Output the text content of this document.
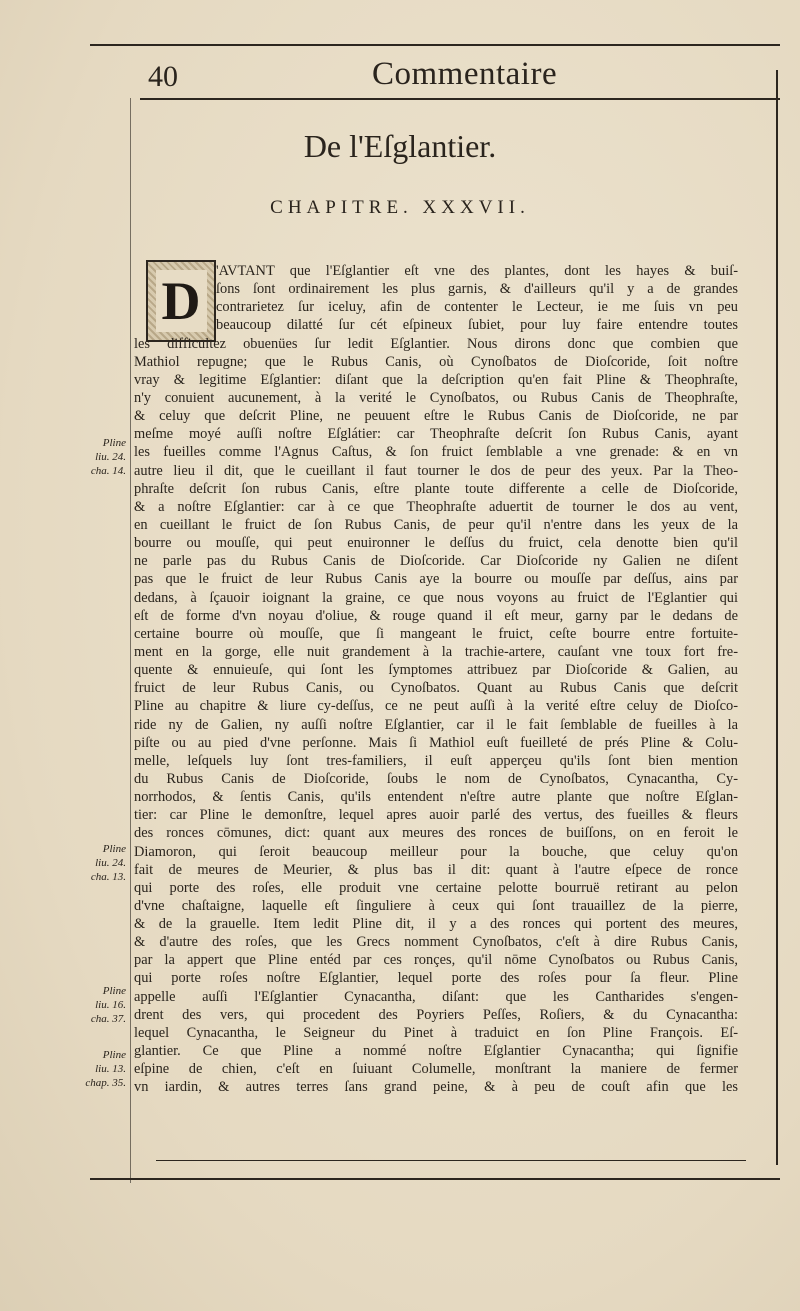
40	Commentaire
De l'Eſglantier.
CHAPITRE. XXXVII.
D
Pline
liu. 24.
cha. 14.
Pline
liu. 24.
cha. 13.
Pline
liu. 16.
cha. 37.
Pline
liu. 13.
chap. 35.
'AVTANT que l'Eſglantier eſt vne des plantes, dont les hayes & buiſ-
ſons ſont ordinairement les plus garnis, & d'ailleurs qu'il y a de grandes
contrarietez ſur iceluy, afin de contenter le Lecteur, ie me ſuis vn peu
beaucoup dilatté ſur cét eſpineux ſubiet, pour luy faire entendre toutes
les difficultez obuenües ſur ledit Eſglantier. Nous dirons donc que combien que
Mathiol repugne; que le Rubus Canis, où Cynoſbatos de Dioſcoride, ſoit noſtre
vray & legitime Eſglantier: diſant que la deſcription qu'en fait Pline & Theophraſte,
n'y conuient aucunement, à la verité le Cynoſbatos, ou Rubus Canis de Theophraſte,
& celuy que deſcrit Pline, ne peuuent eſtre le Rubus Canis de Dioſcoride, ne par
meſme moyé auſſi noſtre Eſglátier: car Theophraſte deſcrit ſon Rubus Canis, ayant
les fueilles comme l'Agnus Caſtus, & ſon fruict ſemblable a vne grenade: & en vn
autre lieu il dit, que le cueillant il faut tourner le dos de peur des yeux. Par la Theo-
phraſte deſcrit ſon rubus Canis, eſtre plante toute differente a celle de Dioſcoride,
& a noſtre Eſglantier: car à ce que Theophraſte aduertit de tourner le dos au vent,
en cueillant le fruict de ſon Rubus Canis, de peur qu'il n'entre dans les yeux de la
bourre ou mouſſe, qui peut enuironner le deſſus du fruict, cela denotte bien qu'il
ne parle pas du Rubus Canis de Dioſcoride. Car Dioſcoride ny Galien ne diſent
pas que le fruict de leur Rubus Canis aye la bourre ou mouſſe par deſſus, ains par
dedans, à ſçauoir ioignant la graine, ce que nous voyons au fruict de l'Eglantier qui
eſt de forme d'vn noyau d'oliue, & rouge quand il eſt meur, garny par le dedans de
certaine bourre où mouſſe, que ſi mangeant le fruict, ceſte bourre entre fortuite-
ment en la gorge, elle nuit grandement à la trachie-artere, cauſant vne toux fort fre-
quente & ennuieuſe, qui ſont les ſymptomes attribuez par Dioſcoride & Galien, au
fruict de leur Rubus Canis, ou Cynoſbatos. Quant au Rubus Canis que deſcrit
Pline au chapitre & liure cy-deſſus, ce ne peut auſſi à la verité eſtre celuy de Dioſco-
ride ny de Galien, ny auſſi noſtre Eſglantier, car il le fait ſemblable de fueilles à la
piſte ou au pied d'vne perſonne. Mais ſi Mathiol euſt fueilleté de prés Pline & Colu-
melle, leſquels luy ſont tres-familiers, il euſt apperçeu qu'ils ſont bien mention
du Rubus Canis de Dioſcoride, ſoubs le nom de Cynoſbatos, Cynacantha, Cy-
norrhodos, & ſentis Canis, qu'ils entendent n'eſtre autre plante que noſtre Eſglan-
tier: car Pline le demonſtre, lequel apres auoir parlé des vertus, des fueilles & fleurs
des ronces cōmunes, dict: quant aux meures des ronces de buiſſons, on en feroit le
Diamoron, qui ſeroit beaucoup meilleur pour la bouche, que celuy qu'on
fait de meures de Meurier, & plus bas il dit: quant à l'autre eſpece de ronce
qui porte des roſes, elle produit vne certaine pelotte bourruë retirant au pelon
d'vne chaſtaigne, laquelle eſt ſinguliere à ceux qui ſont trauaillez de la pierre,
& de la grauelle. Item ledit Pline dit, il y a des ronces qui portent des meures,
& d'autre des roſes, que les Grecs nomment Cynoſbatos, c'eſt à dire Rubus Canis,
par la appert que Pline entéd par ces ronçes, qu'il nōme Cynoſbatos ou Rubus Canis,
qui porte roſes noſtre Eſglantier, lequel porte des roſes pour ſa fleur. Pline
appelle auſſi l'Eſglantier Cynacantha, diſant: que les Cantharides s'engen-
drent des vers, qui procedent des Poyriers Peſſes, Roſiers, & du Cynacantha:
lequel Cynacantha, le Seigneur du Pinet à traduict en ſon Pline François. Eſ-
glantier. Ce que Pline a nommé noſtre Eſglantier Cynacantha; qui ſignifie
eſpine de chien, c'eſt en ſuiuant Columelle, monſtrant la maniere de fermer
vn iardin, & autres terres ſans grand peine, & à peu de couſt afin que les
